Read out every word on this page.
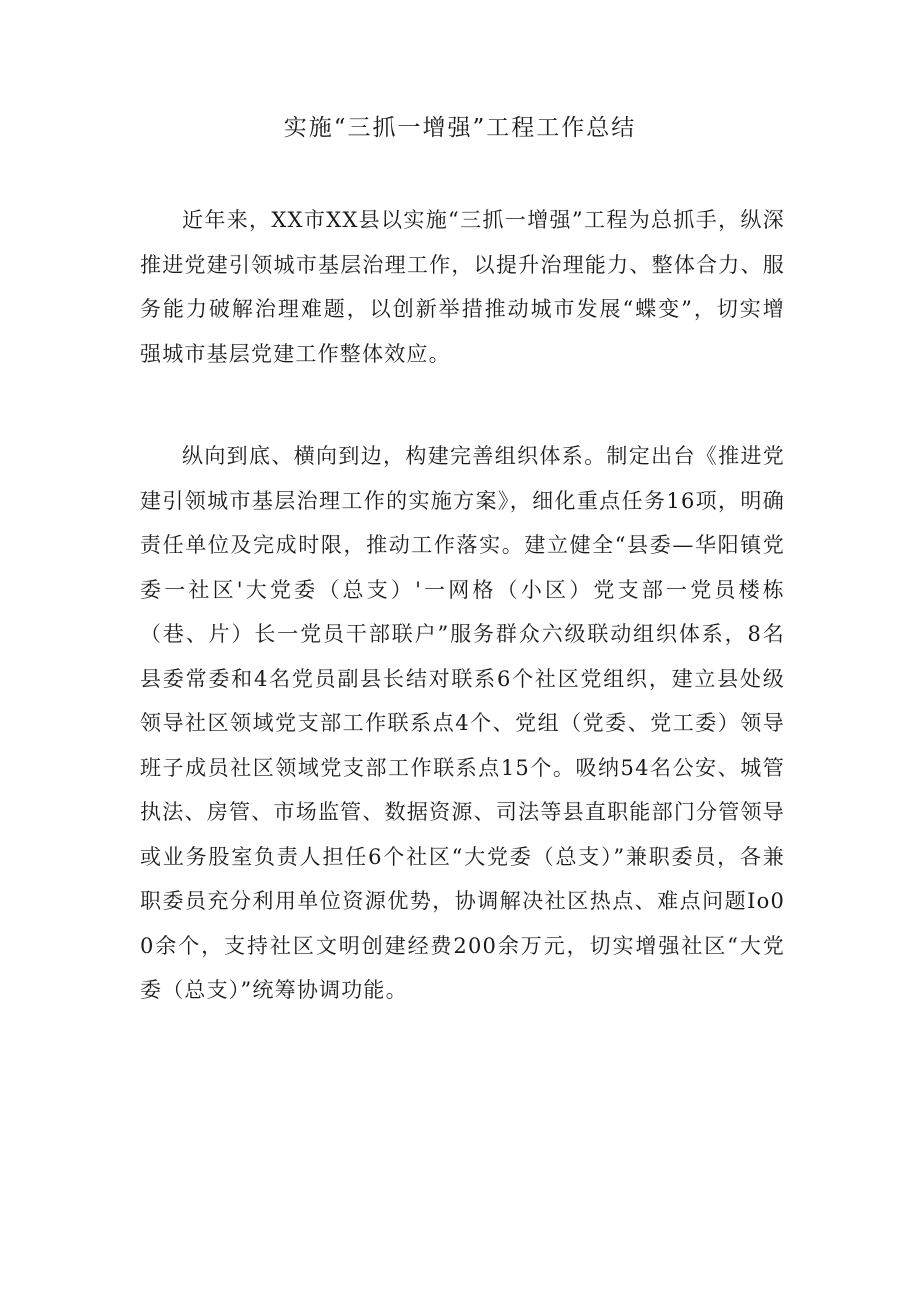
实施“三抓一增强”工程工作总结

近年来，XX市XX县以实施“三抓一增强”工程为总抓手，纵深推进党建引领城市基层治理工作，以提升治理能力、整体合力、服务能力破解治理难题，以创新举措推动城市发展“蝶变”，切实增强城市基层党建工作整体效应。

纵向到底、横向到边，构建完善组织体系。制定出台《推进党建引领城市基层治理工作的实施方案》，细化重点任务16项，明确责任单位及完成时限，推动工作落实。建立健全“县委—华阳镇党委一社区'大党委（总支）'一网格（小区）党支部一党员楼栋（巷、片）长一党员干部联户”服务群众六级联动组织体系，8名县委常委和4名党员副县长结对联系6个社区党组织，建立县处级领导社区领域党支部工作联系点4个、党组（党委、党工委）领导班子成员社区领域党支部工作联系点15个。吸纳54名公安、城管执法、房管、市场监管、数据资源、司法等县直职能部门分管领导或业务股室负责人担任6个社区“大党委（总支）”兼职委员，各兼职委员充分利用单位资源优势，协调解决社区热点、难点问题Io00余个，支持社区文明创建经费200余万元，切实增强社区“大党委（总支）”统筹协调功能。
